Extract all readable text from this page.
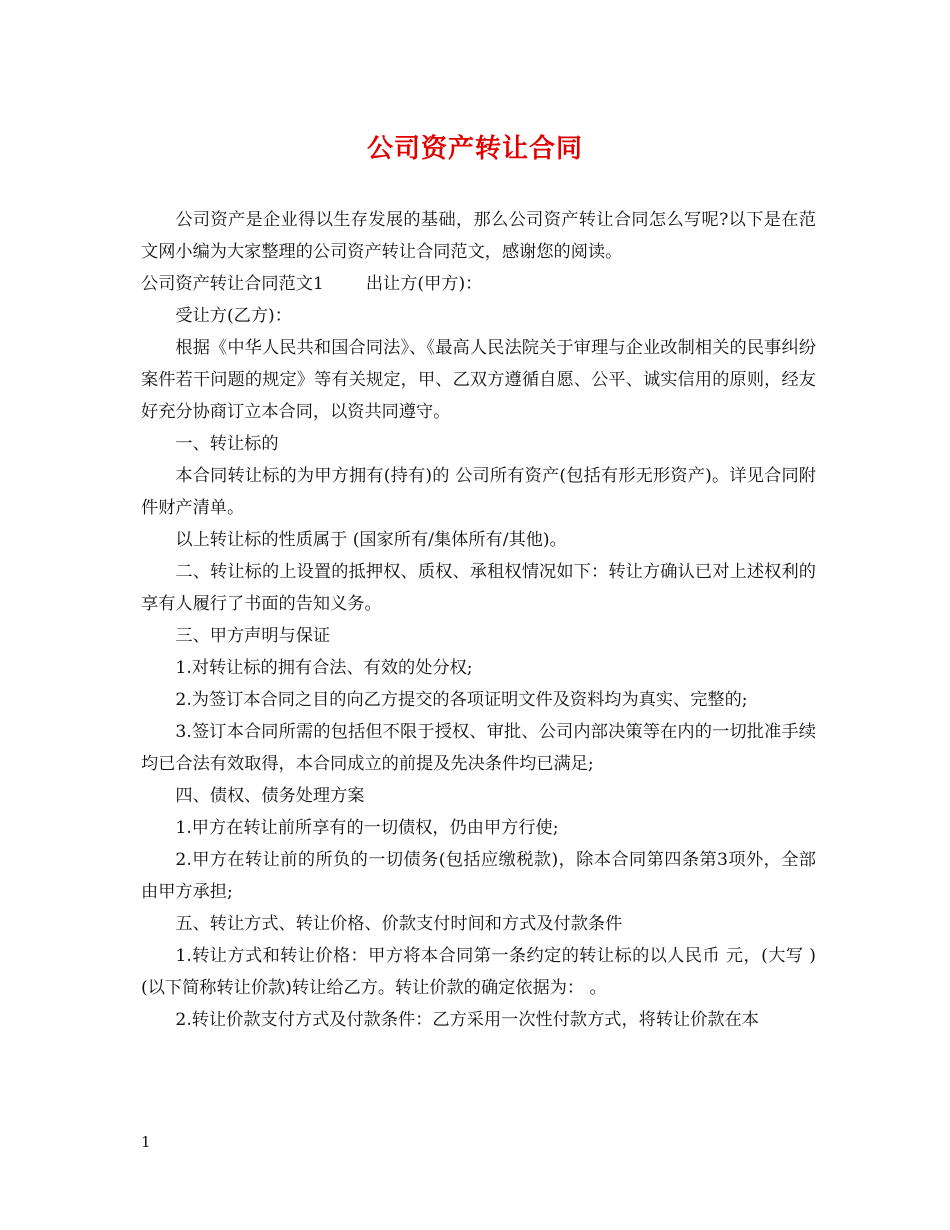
公司资产转让合同

公司资产是企业得以生存发展的基础，那么公司资产转让合同怎么写呢?以下是在范文网小编为大家整理的公司资产转让合同范文，感谢您的阅读。

公司资产转让合同范文1 出让方(甲方)：

受让方(乙方)：

根据《中华人民共和国合同法》、《最高人民法院关于审理与企业改制相关的民事纠纷案件若干问题的规定》等有关规定，甲、乙双方遵循自愿、公平、诚实信用的原则，经友好充分协商订立本合同，以资共同遵守。

一、转让标的

本合同转让标的为甲方拥有(持有)的 公司所有资产(包括有形无形资产)。详见合同附件财产清单。

以上转让标的性质属于 (国家所有/集体所有/其他)。

二、转让标的上设置的抵押权、质权、承租权情况如下：转让方确认已对上述权利的享有人履行了书面的告知义务。

三、甲方声明与保证

1.对转让标的拥有合法、有效的处分权;

2.为签订本合同之目的向乙方提交的各项证明文件及资料均为真实、完整的;

3.签订本合同所需的包括但不限于授权、审批、公司内部决策等在内的一切批准手续均已合法有效取得，本合同成立的前提及先决条件均已满足;

四、债权、债务处理方案

1.甲方在转让前所享有的一切债权，仍由甲方行使;

2.甲方在转让前的所负的一切债务(包括应缴税款)，除本合同第四条第3项外，全部由甲方承担;

五、转让方式、转让价格、价款支付时间和方式及付款条件

1.转让方式和转让价格：甲方将本合同第一条约定的转让标的以人民币 元，(大写 )(以下简称转让价款)转让给乙方。转让价款的确定依据为： 。

2.转让价款支付方式及付款条件：乙方采用一次性付款方式，将转让价款在本

1
